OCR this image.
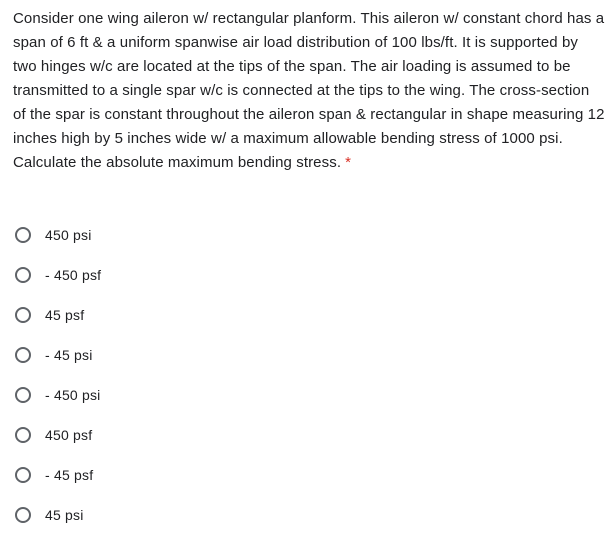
Consider one wing aileron w/ rectangular planform. This aileron w/ constant chord has a span of 6 ft & a uniform spanwise air load distribution of 100 lbs/ft. It is supported by two hinges w/c are located at the tips of the span. The air loading is assumed to be transmitted to a single spar w/c is connected at the tips to the wing. The cross-section of the spar is constant throughout the aileron span & rectangular in shape measuring 12 inches high by 5 inches wide w/ a maximum allowable bending stress of 1000 psi. Calculate the absolute maximum bending stress. *
450 psi
- 450 psf
45 psf
- 45 psi
- 450 psi
450 psf
- 45 psf
45 psi
